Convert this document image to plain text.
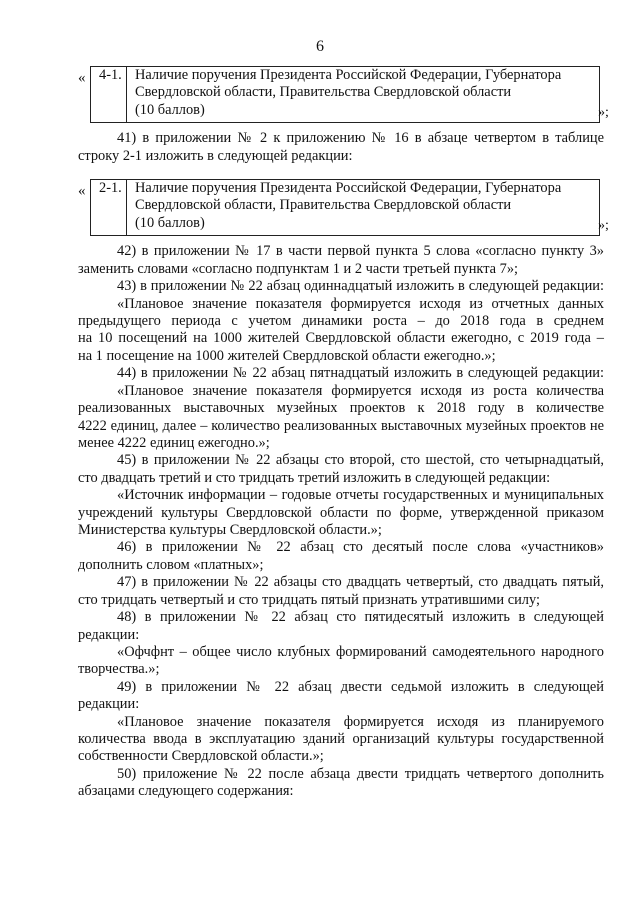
6
« 4-1. Наличие поручения Президента Российской Федерации, Губернатора
Свердловской области, Правительства Свердловской области
(10 баллов)	»;
« 2-1. Наличие поручения Президента Российской Федерации, Губернатора
Свердловской области, Правительства Свердловской области
(10 баллов)	»;
41) в приложении № 2 к приложению № 16 в абзаце четвертом в таблице
строку 2-1 изложить в следующей редакции:
42) в приложении № 17 в части первой пункта 5 слова «согласно пункту 3»
заменить словами «согласно подпунктам 1 и 2 части третьей пункта 7»;
43) в приложении № 22 абзац одиннадцатый изложить в следующей редакции:
«Плановое значение показателя формируется исходя из отчетных данных
предыдущего периода с учетом динамики роста – до 2018 года в среднем
на 10 посещений на 1000 жителей Свердловской области ежегодно, с 2019 года –
на 1 посещение на 1000 жителей Свердловской области ежегодно.»;
44) в приложении № 22 абзац пятнадцатый изложить в следующей редакции:
«Плановое значение показателя формируется исходя из роста количества
реализованных выставочных музейных проектов к 2018 году в количестве
4222 единиц, далее – количество реализованных выставочных музейных проектов не
менее 4222 единиц ежегодно.»;
45) в приложении № 22 абзацы сто второй, сто шестой, сто четырнадцатый,
сто двадцать третий и сто тридцать третий изложить в следующей редакции:
«Источник информации – годовые отчеты государственных и муниципальных
учреждений культуры Свердловской области по форме, утвержденной приказом
Министерства культуры Свердловской области.»;
46) в приложении № 22 абзац сто десятый после слова «участников»
дополнить словом «платных»;
47) в приложении № 22 абзацы сто двадцать четвертый, сто двадцать пятый,
сто тридцать четвертый и сто тридцать пятый признать утратившими силу;
48) в приложении № 22 абзац сто пятидесятый изложить в следующей
редакции:
«Офчфнт – общее число клубных формирований самодеятельного народного
творчества.»;
49) в приложении № 22 абзац двести седьмой изложить в следующей
редакции:
«Плановое значение показателя формируется исходя из планируемого
количества ввода в эксплуатацию зданий организаций культуры государственной
собственности Свердловской области.»;
50) приложение № 22 после абзаца двести тридцать четвертого дополнить
абзацами следующего содержания:
